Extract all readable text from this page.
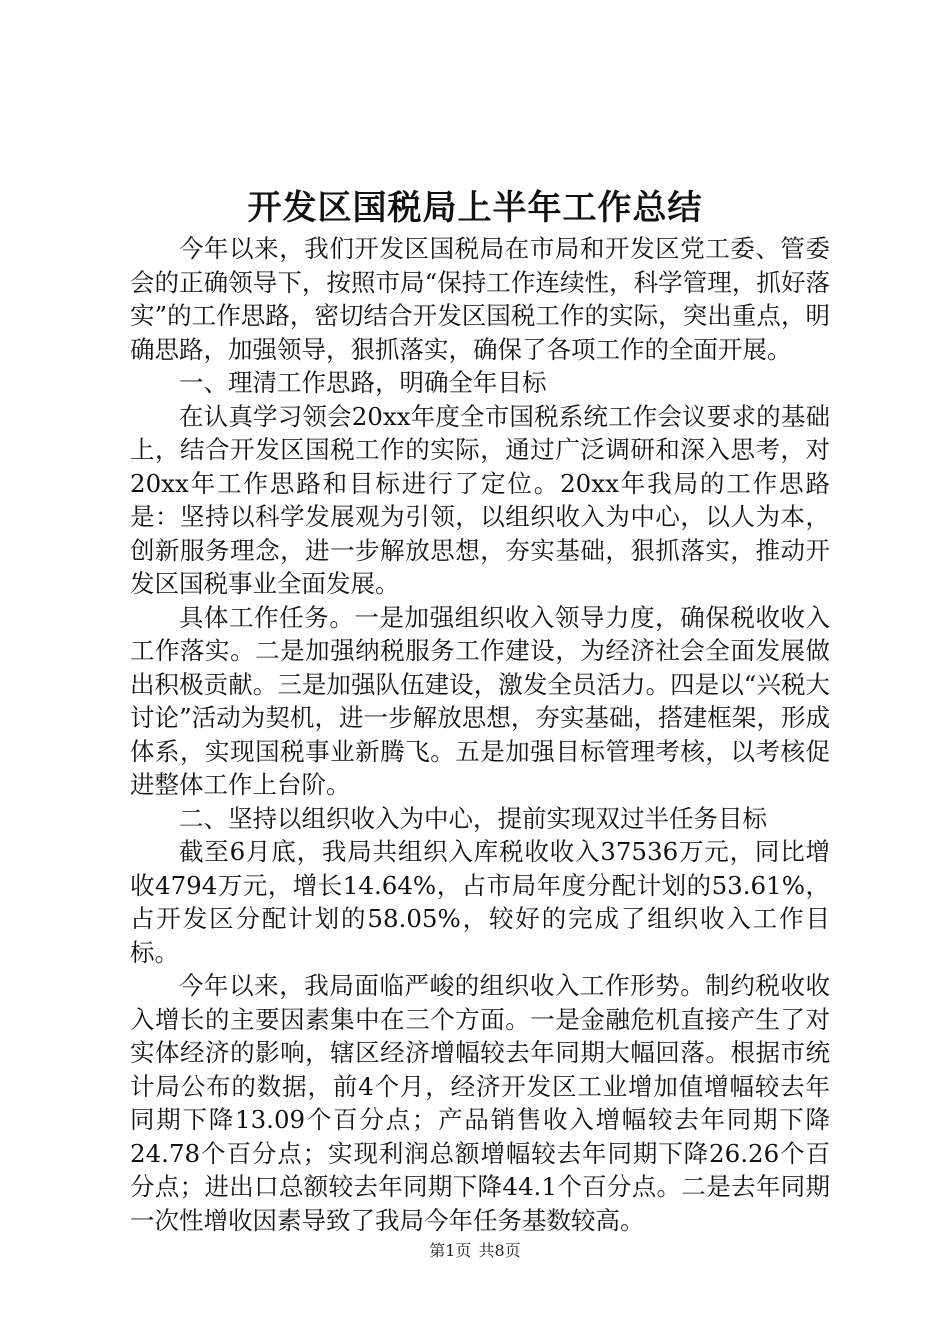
开发区国税局上半年工作总结

今年以来，我们开发区国税局在市局和开发区党工委、管委会的正确领导下，按照市局“保持工作连续性，科学管理，抓好落实”的工作思路，密切结合开发区国税工作的实际，突出重点，明确思路，加强领导，狠抓落实，确保了各项工作的全面开展。

一、理清工作思路，明确全年目标

在认真学习领会20xx年度全市国税系统工作会议要求的基础上，结合开发区国税工作的实际，通过广泛调研和深入思考，对20xx年工作思路和目标进行了定位。20xx年我局的工作思路是：坚持以科学发展观为引领，以组织收入为中心，以人为本，创新服务理念，进一步解放思想，夯实基础，狠抓落实，推动开发区国税事业全面发展。

具体工作任务。一是加强组织收入领导力度，确保税收收入工作落实。二是加强纳税服务工作建设，为经济社会全面发展做出积极贡献。三是加强队伍建设，激发全员活力。四是以“兴税大讨论”活动为契机，进一步解放思想，夯实基础，搭建框架，形成体系，实现国税事业新腾飞。五是加强目标管理考核，以考核促进整体工作上台阶。

二、坚持以组织收入为中心，提前实现双过半任务目标

截至6月底，我局共组织入库税收收入37536万元，同比增收4794万元，增长14.64%，占市局年度分配计划的53.61%，占开发区分配计划的58.05%，较好的完成了组织收入工作目标。

今年以来，我局面临严峻的组织收入工作形势。制约税收收入增长的主要因素集中在三个方面。一是金融危机直接产生了对实体经济的影响，辖区经济增幅较去年同期大幅回落。根据市统计局公布的数据，前4个月，经济开发区工业增加值增幅较去年同期下降13.09个百分点；产品销售收入增幅较去年同期下降24.78个百分点；实现利润总额增幅较去年同期下降26.26个百分点；进出口总额较去年同期下降44.1个百分点。二是去年同期一次性增收因素导致了我局今年任务基数较高。

第1页 共8页
